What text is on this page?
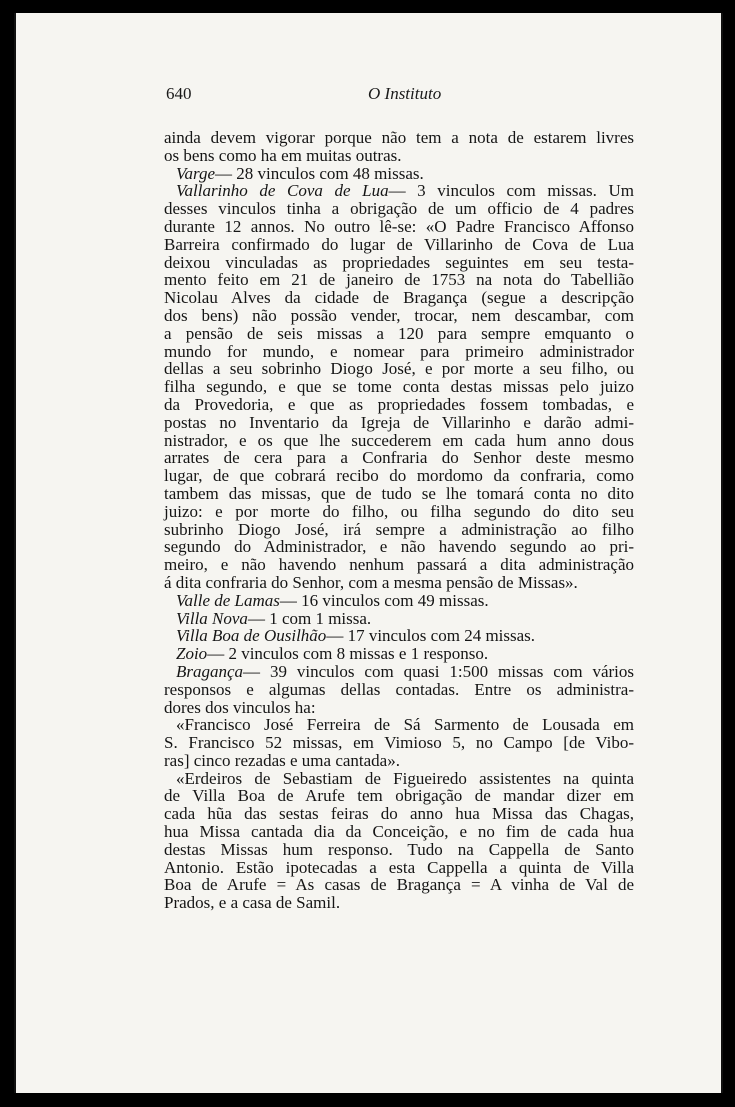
640	O Instituto
ainda devem vigorar porque não tem a nota de estarem livres
os bens como ha em muitas outras.

Varge— 28 vinculos com 48 missas.

Vallarinho de Cova de Lua— 3 vinculos com missas. Um
desses vinculos tinha a obrigação de um officio de 4 padres
durante 12 annos. No outro lê-se: «O Padre Francisco Affonso
Barreira confirmado do lugar de Villarinho de Cova de Lua
deixou vinculadas as propriedades seguintes em seu testa-
mento feito em 21 de janeiro de 1753 na nota do Tabellião
Nicolau Alves da cidade de Bragança (segue a descripção
dos bens) não possão vender, trocar, nem descambar, com
a pensão de seis missas a 120 para sempre emquanto o
mundo for mundo, e nomear para primeiro administrador
dellas a seu sobrinho Diogo José, e por morte a seu filho, ou
filha segundo, e que se tome conta destas missas pelo juizo
da Provedoria, e que as propriedades fossem tombadas, e
postas no Inventario da Igreja de Villarinho e darão admi-
nistrador, e os que lhe succederem em cada hum anno dous
arrates de cera para a Confraria do Senhor deste mesmo
lugar, de que cobrará recibo do mordomo da confraria, como
tambem das missas, que de tudo se lhe tomará conta no dito
juizo: e por morte do filho, ou filha segundo do dito seu
subrinho Diogo José, irá sempre a administração ao filho
segundo do Administrador, e não havendo segundo ao pri-
meiro, e não havendo nenhum passará a dita administração
á dita confraria do Senhor, com a mesma pensão de Missas».

Valle de Lamas— 16 vinculos com 49 missas.

Villa Nova— 1 com 1 missa.

Villa Boa de Ousilhão— 17 vinculos com 24 missas.

Zoio— 2 vinculos com 8 missas e 1 responso.

Bragança— 39 vinculos com quasi 1:500 missas com vários
responsos e algumas dellas contadas. Entre os administra-
dores dos vinculos ha:
«Francisco José Ferreira de Sá Sarmento de Lousada em
S. Francisco 52 missas, em Vimioso 5, no Campo [de Vibo-
ras] cinco rezadas e uma cantada».
«Erdeiros de Sebastiam de Figueiredo assistentes na quinta
de Villa Boa de Arufe tem obrigação de mandar dizer em
cada hũa das sestas feiras do anno hua Missa das Chagas,
hua Missa cantada dia da Conceição, e no fim de cada hua
destas Missas hum responso. Tudo na Cappella de Santo
Antonio. Estão ipotecadas a esta Cappella a quinta de Villa
Boa de Arufe = As casas de Bragança = A vinha de Val de
Prados, e a casa de Samil.
